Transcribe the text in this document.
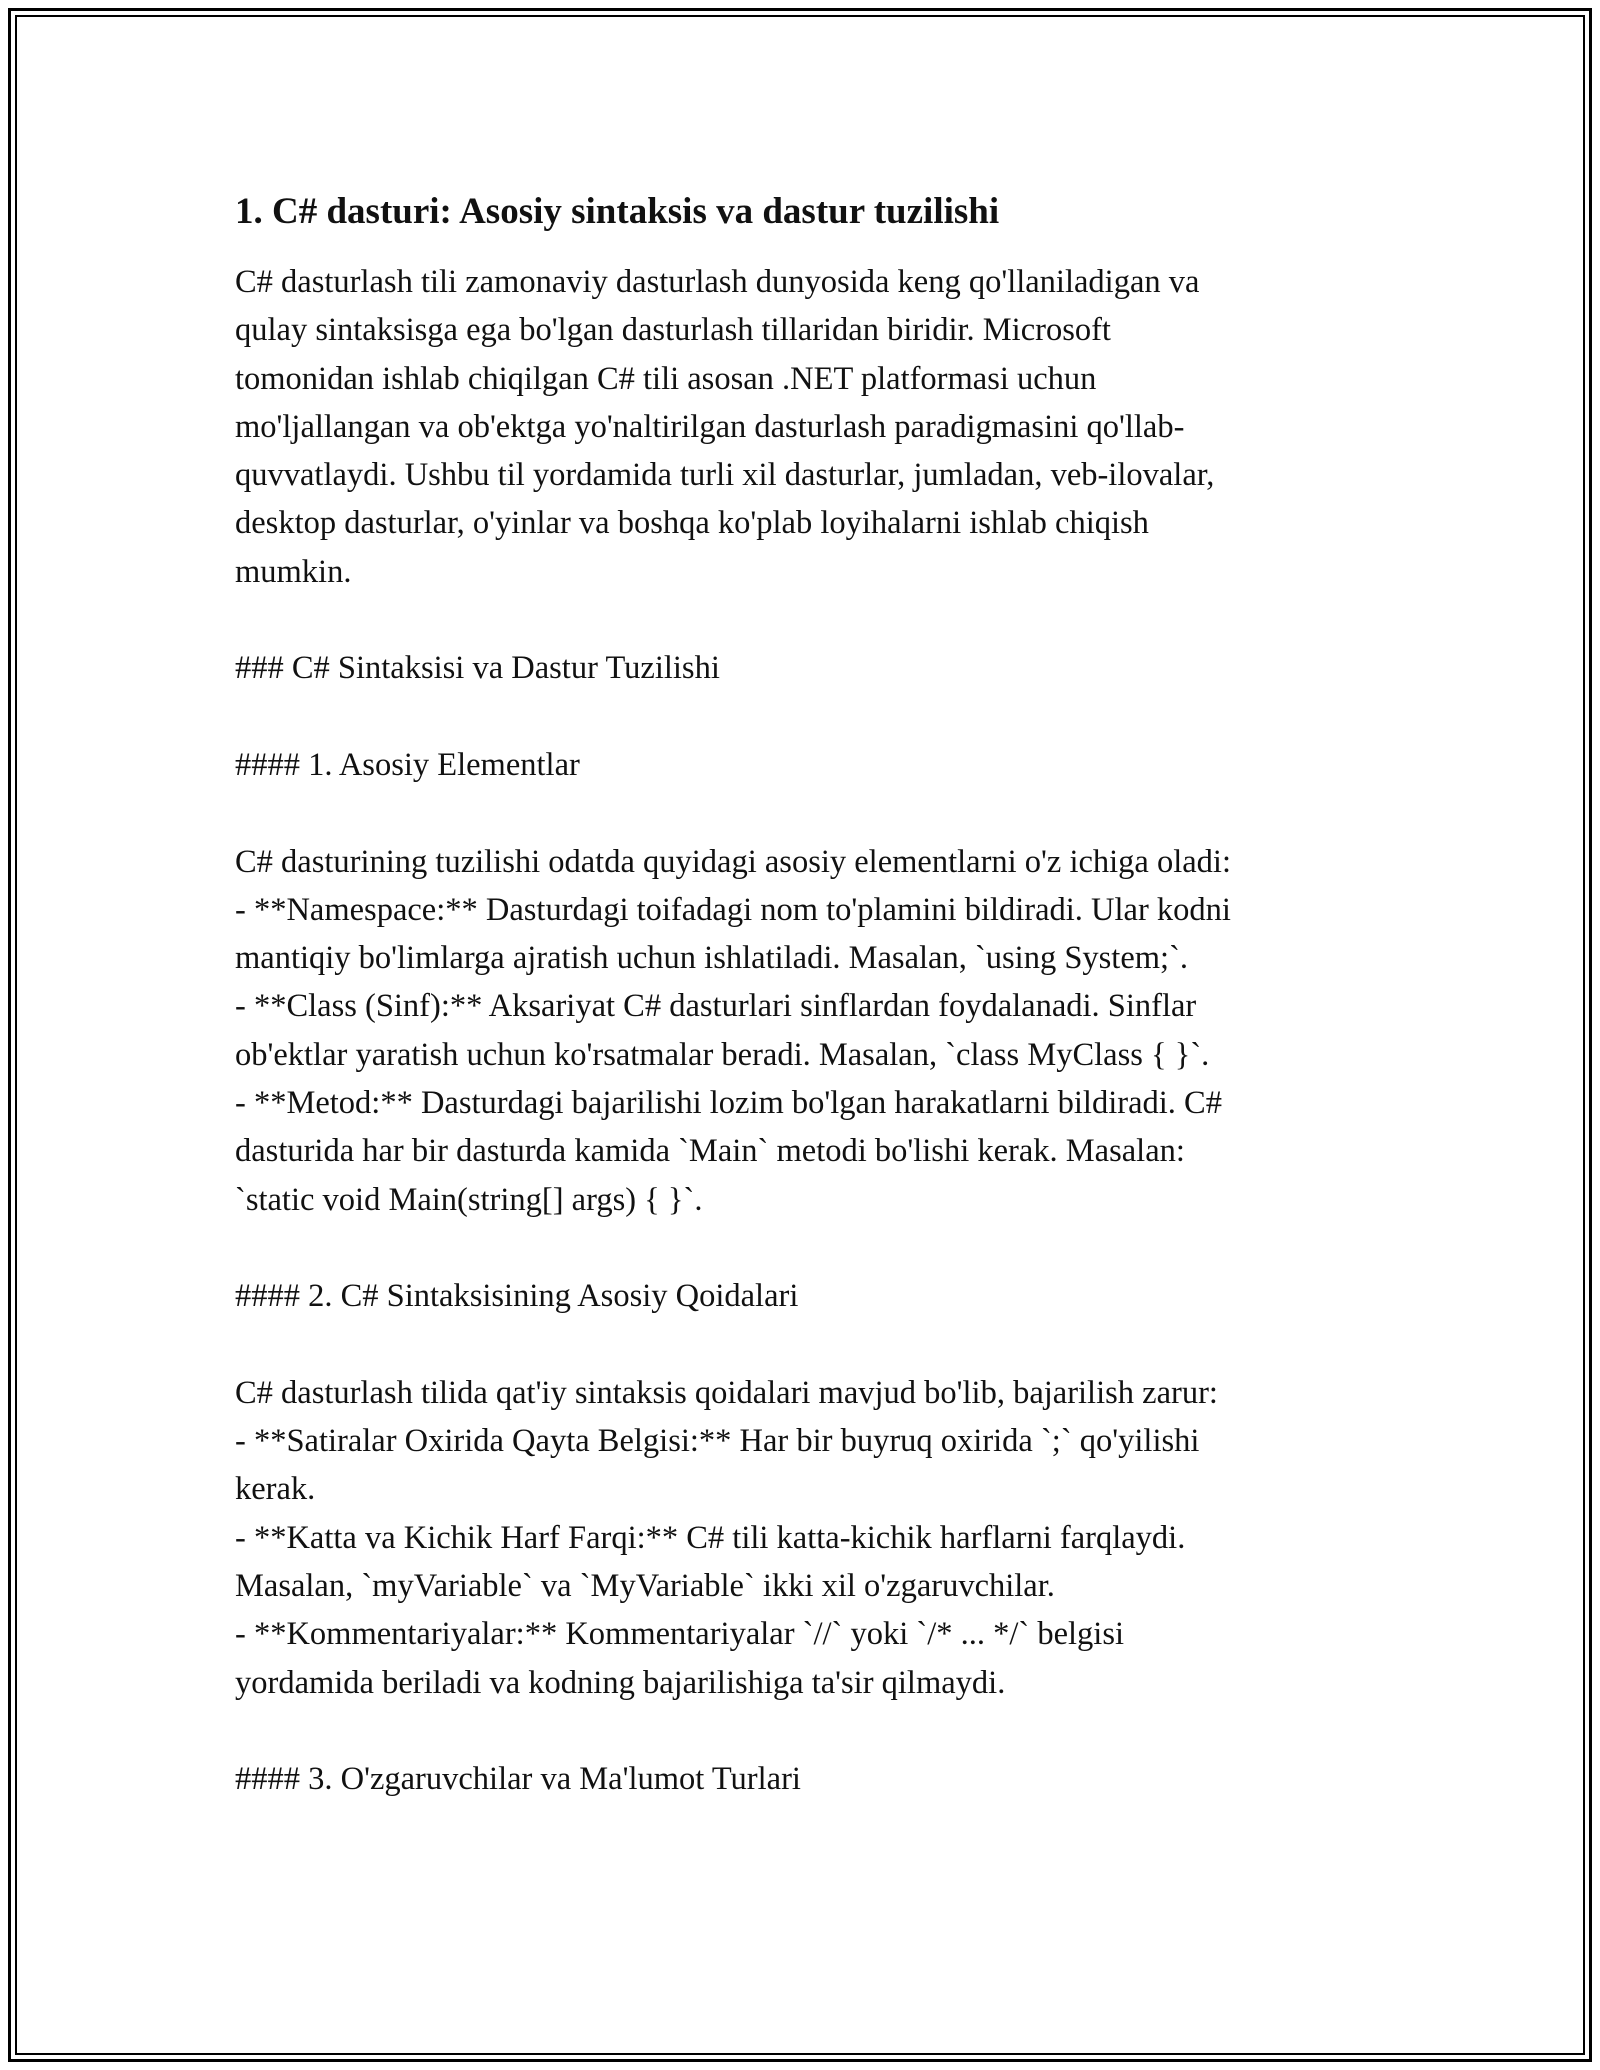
1. C# dasturi: Asosiy sintaksis va dastur tuzilishi
C# dasturlash tili zamonaviy dasturlash dunyosida keng qo'llaniladigan va
qulay sintaksisga ega bo'lgan dasturlash tillaridan biridir. Microsoft
tomonidan ishlab chiqilgan C# tili asosan .NET platformasi uchun
mo'ljallangan va ob'ektga yo'naltirilgan dasturlash paradigmasini qo'llab-
quvvatlaydi. Ushbu til yordamida turli xil dasturlar, jumladan, veb-ilovalar,
desktop dasturlar, o'yinlar va boshqa ko'plab loyihalarni ishlab chiqish
mumkin.
### C# Sintaksisi va Dastur Tuzilishi
#### 1. Asosiy Elementlar
C# dasturining tuzilishi odatda quyidagi asosiy elementlarni o'z ichiga oladi:
- **Namespace:** Dasturdagi toifadagi nom to'plamini bildiradi. Ular kodni
mantiqiy bo'limlarga ajratish uchun ishlatiladi. Masalan, `using System;`.
- **Class (Sinf):** Aksariyat C# dasturlari sinflardan foydalanadi. Sinflar
ob'ektlar yaratish uchun ko'rsatmalar beradi. Masalan, `class MyClass { }`.
- **Metod:** Dasturdagi bajarilishi lozim bo'lgan harakatlarni bildiradi. C#
dasturida har bir dasturda kamida `Main` metodi bo'lishi kerak. Masalan:
`static void Main(string[] args) { }`.
#### 2. C# Sintaksisining Asosiy Qoidalari
C# dasturlash tilida qat'iy sintaksis qoidalari mavjud bo'lib, bajarilish zarur:
- **Satiralar Oxirida Qayta Belgisi:** Har bir buyruq oxirida `;` qo'yilishi
kerak.
- **Katta va Kichik Harf Farqi:** C# tili katta-kichik harflarni farqlaydi.
Masalan, `myVariable` va `MyVariable` ikki xil o'zgaruvchilar.
- **Kommentariyalar:** Kommentariyalar `//` yoki `/* ... */` belgisi
yordamida beriladi va kodning bajarilishiga ta'sir qilmaydi.
#### 3. O'zgaruvchilar va Ma'lumot Turlari
